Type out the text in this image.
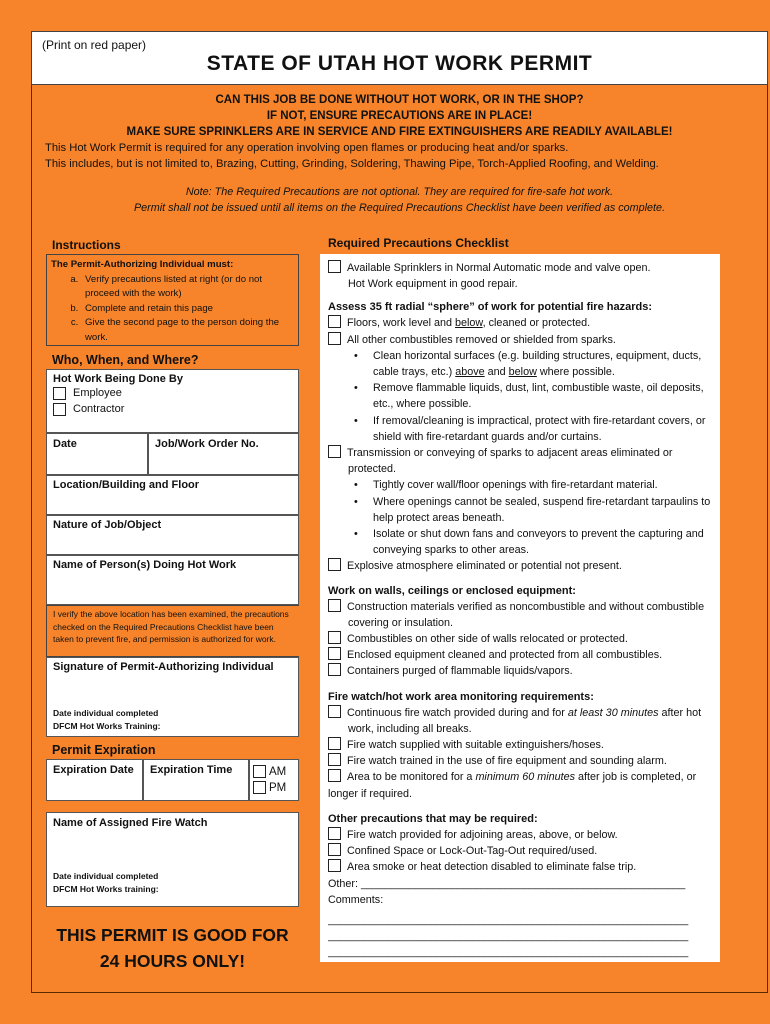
(Print on red paper)
STATE OF UTAH HOT WORK PERMIT
CAN THIS JOB BE DONE WITHOUT HOT WORK, OR IN THE SHOP?
IF NOT, ENSURE PRECAUTIONS ARE IN PLACE!
MAKE SURE SPRINKLERS ARE IN SERVICE AND FIRE EXTINGUISHERS ARE READILY AVAILABLE!
This Hot Work Permit is required for any operation involving open flames or producing heat and/or sparks.
This includes, but is not limited to, Brazing, Cutting, Grinding, Soldering, Thawing Pipe, Torch-Applied Roofing, and Welding.
Note: The Required Precautions are not optional. They are required for fire-safe hot work.
Permit shall not be issued until all items on the Required Precautions Checklist have been verified as complete.
Instructions
The Permit-Authorizing Individual must:
a. Verify precautions listed at right (or do not proceed with the work)
b. Complete and retain this page
c. Give the second page to the person doing the work.
Who, When, and Where?
Hot Work Being Done By
Employee
Contractor
Date	Job/Work Order No.
Location/Building and Floor
Nature of Job/Object
Name of Person(s) Doing Hot Work
I verify the above location has been examined, the precautions checked on the Required Precautions Checklist have been taken to prevent fire, and permission is authorized for work.
Signature of Permit-Authorizing Individual
Date individual completed
DFCM Hot Works Training:
Permit Expiration
Expiration Date Expiration Time	AM
PM
Name of Assigned Fire Watch
Date individual completed
DFCM Hot Works training:
THIS PERMIT IS GOOD FOR
24 HOURS ONLY!
Required Precautions Checklist
Available Sprinklers in Normal Automatic mode and valve open.
Hot Work equipment in good repair.
Assess 35 ft radial “sphere” of work for potential fire hazards:
Floors, work level and below, cleaned or protected.
All other combustibles removed or shielded from sparks.
• Clean horizontal surfaces (e.g. building structures, equipment, ducts, cable trays, etc.) above and below where possible.
• Remove flammable liquids, dust, lint, combustible waste, oil deposits, etc., where possible.
• If removal/cleaning is impractical, protect with fire-retardant covers, or shield with fire-retardant guards and/or curtains.
Transmission or conveying of sparks to adjacent areas eliminated or protected.
• Tightly cover wall/floor openings with fire-retardant material.
• Where openings cannot be sealed, suspend fire-retardant tarpaulins to help protect areas beneath.
• Isolate or shut down fans and conveyors to prevent the capturing and conveying sparks to other areas.
Explosive atmosphere eliminated or potential not present.
Work on walls, ceilings or enclosed equipment:
Construction materials verified as noncombustible and without combustible covering or insulation.
Combustibles on other side of walls relocated or protected.
Enclosed equipment cleaned and protected from all combustibles.
Containers purged of flammable liquids/vapors.
Fire watch/hot work area monitoring requirements:
Continuous fire watch provided during and for at least 30 minutes after hot work, including all breaks.
Fire watch supplied with suitable extinguishers/hoses.
Fire watch trained in the use of fire equipment and sounding alarm.
Area to be monitored for a minimum 60 minutes after job is completed, or longer if required.
Other precautions that may be required:
Fire watch provided for adjoining areas, above, or below.
Confined Space or Lock-Out-Tag-Out required/used.
Area smoke or heat detection disabled to eliminate false trip.
Other: ______________________________________________________
Comments:
____________________________________________________________
____________________________________________________________
____________________________________________________________
